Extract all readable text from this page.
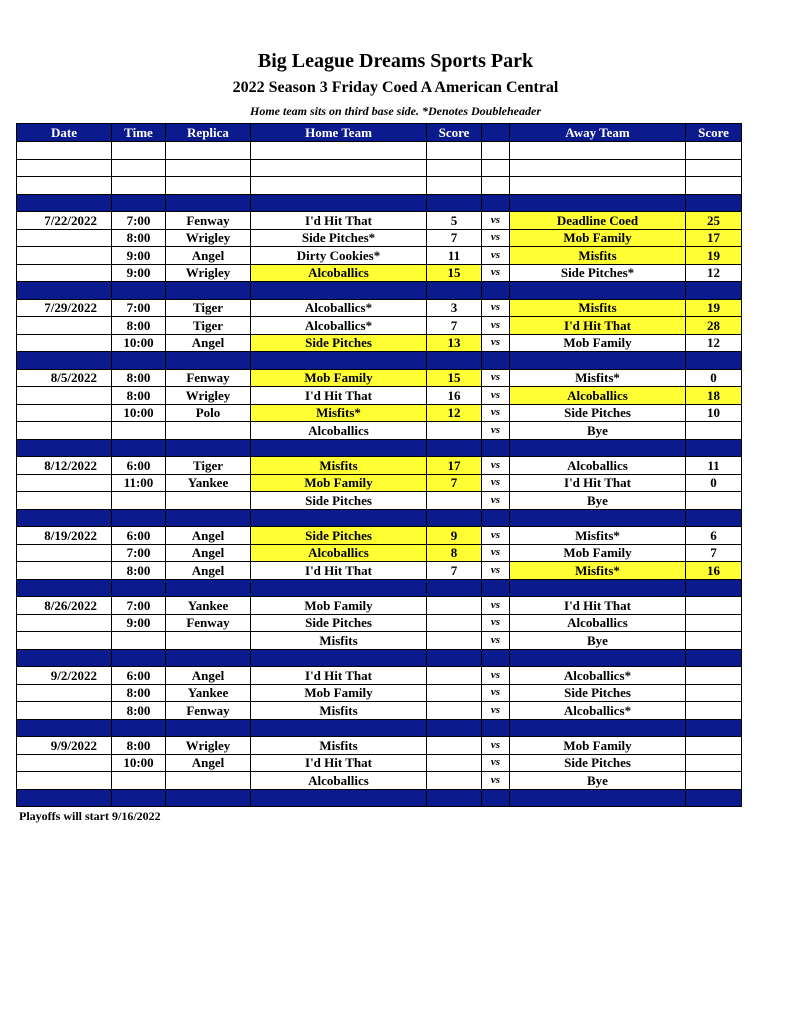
Big League Dreams Sports Park
2022 Season 3 Friday Coed A American Central
Home team sits on third base side. *Denotes Doubleheader
Date	Time	Replica	Home Team	Score		Away Team	Score

7/22/2022	7:00	Fenway	I'd Hit That	5	vs	Deadline Coed	25
	8:00	Wrigley	Side Pitches*	7	vs	Mob Family	17
	9:00	Angel	Dirty Cookies*	11	vs	Misfits	19
	9:00	Wrigley	Alcoballics	15	vs	Side Pitches*	12

7/29/2022	7:00	Tiger	Alcoballics*	3	vs	Misfits	19
	8:00	Tiger	Alcoballics*	7	vs	I'd Hit That	28
	10:00	Angel	Side Pitches	13	vs	Mob Family	12

8/5/2022	8:00	Fenway	Mob Family	15	vs	Misfits*	0
	8:00	Wrigley	I'd Hit That	16	vs	Alcoballics	18
	10:00	Polo	Misfits*	12	vs	Side Pitches	10
			Alcoballics		vs	Bye	

8/12/2022	6:00	Tiger	Misfits	17	vs	Alcoballics	11
	11:00	Yankee	Mob Family	7	vs	I'd Hit That	0
			Side Pitches		vs	Bye	

8/19/2022	6:00	Angel	Side Pitches	9	vs	Misfits*	6
	7:00	Angel	Alcoballics	8	vs	Mob Family	7
	8:00	Angel	I'd Hit That	7	vs	Misfits*	16

8/26/2022	7:00	Yankee	Mob Family		vs	I'd Hit That	
	9:00	Fenway	Side Pitches		vs	Alcoballics	
			Misfits		vs	Bye	

9/2/2022	6:00	Angel	I'd Hit That		vs	Alcoballics*	
	8:00	Yankee	Mob Family		vs	Side Pitches	
	8:00	Fenway	Misfits		vs	Alcoballics*	

9/9/2022	8:00	Wrigley	Misfits		vs	Mob Family	
	10:00	Angel	I'd Hit That		vs	Side Pitches	
			Alcoballics		vs	Bye	

Playoffs will start 9/16/2022
